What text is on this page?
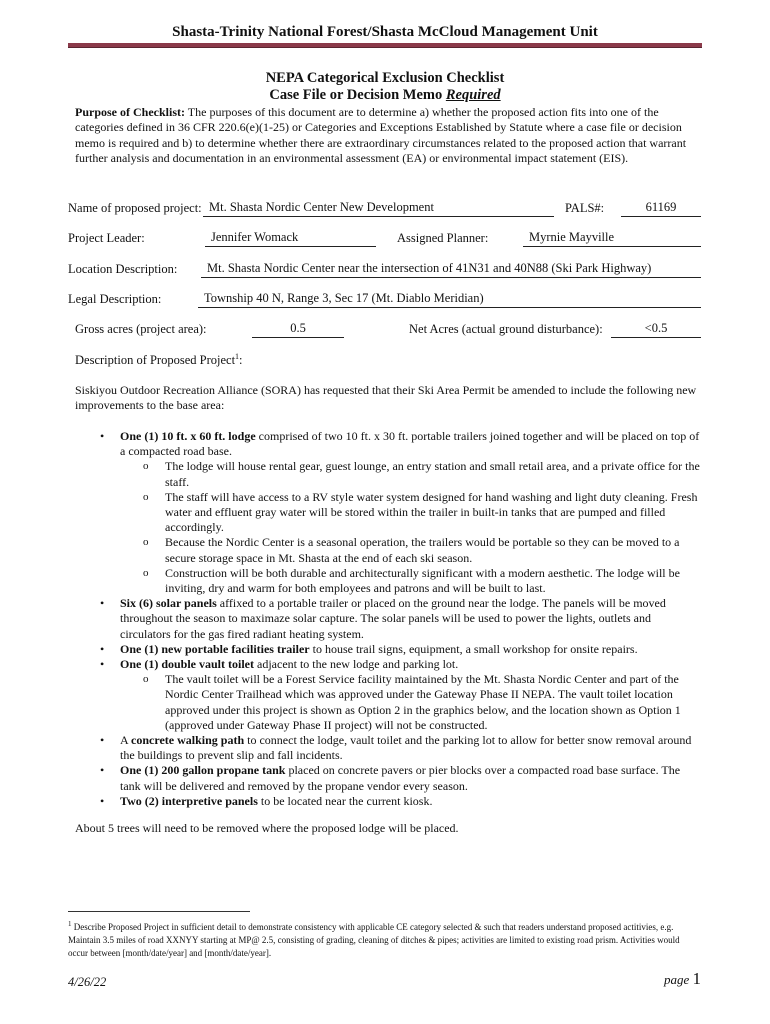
Shasta-Trinity National Forest/Shasta McCloud Management Unit
NEPA Categorical Exclusion Checklist
Case File or Decision Memo Required
Purpose of Checklist: The purposes of this document are to determine a) whether the proposed action fits into one of the categories defined in 36 CFR 220.6(e)(1-25) or Categories and Exceptions Established by Statute where a case file or decision memo is required and b) to determine whether there are extraordinary circumstances related to the proposed action that warrant further analysis and documentation in an environmental assessment (EA) or environmental impact statement (EIS).
Name of proposed project: Mt. Shasta Nordic Center New Development	PALS#:	61169
Project Leader:	Jennifer Womack	Assigned Planner:	Myrnie Mayville
Location Description:	Mt. Shasta Nordic Center near the intersection of 41N31 and 40N88 (Ski Park Highway)
Legal Description:	Township 40 N, Range 3, Sec 17 (Mt. Diablo Meridian)
Gross acres (project area):	0.5	Net Acres (actual ground disturbance):	<0.5
Description of Proposed Project$^1$:
Siskiyou Outdoor Recreation Alliance (SORA) has requested that their Ski Area Permit be amended to include the following new improvements to the base area:
• One (1) 10 ft. x 60 ft. lodge comprised of two 10 ft. x 30 ft. portable trailers joined together and will be placed on top of a compacted road base.
o The lodge will house rental gear, guest lounge, an entry station and small retail area, and a private office for the staff.
o The staff will have access to a RV style water system designed for hand washing and light duty cleaning. Fresh water and effluent gray water will be stored within the trailer in built-in tanks that are pumped and filled accordingly.
o Because the Nordic Center is a seasonal operation, the trailers would be portable so they can be moved to a secure storage space in Mt. Shasta at the end of each ski season.
o Construction will be both durable and architecturally significant with a modern aesthetic. The lodge will be inviting, dry and warm for both employees and patrons and will be built to last.
• Six (6) solar panels affixed to a portable trailer or placed on the ground near the lodge. The panels will be moved throughout the season to maximaze solar capture. The solar panels will be used to power the lights, outlets and circulators for the gas fired radiant heating system.
• One (1) new portable facilities trailer to house trail signs, equipment, a small workshop for onsite repairs.
• One (1) double vault toilet adjacent to the new lodge and parking lot.
o The vault toilet will be a Forest Service facility maintained by the Mt. Shasta Nordic Center and part of the Nordic Center Trailhead which was approved under the Gateway Phase II NEPA. The vault toilet location approved under this project is shown as Option 2 in the graphics below, and the location shown as Option 1 (approved under Gateway Phase II project) will not be constructed.
• A concrete walking path to connect the lodge, vault toilet and the parking lot to allow for better snow removal around the buildings to prevent slip and fall incidents.
• One (1) 200 gallon propane tank placed on concrete pavers or pier blocks over a compacted road base surface. The tank will be delivered and removed by the propane vendor every season.
• Two (2) interpretive panels to be located near the current kiosk.
About 5 trees will need to be removed where the proposed lodge will be placed.
$^1$ Describe Proposed Project in sufficient detail to demonstrate consistency with applicable CE category selected & such that readers understand proposed actitivies, e.g. Maintain 3.5 miles of road XXNYY starting at MP@ 2.5, consisting of grading, cleaning of ditches & pipes; activities are limited to existing road prism. Activities would occur between [month/date/year] and [month/date/year].
4/26/22	page 1
